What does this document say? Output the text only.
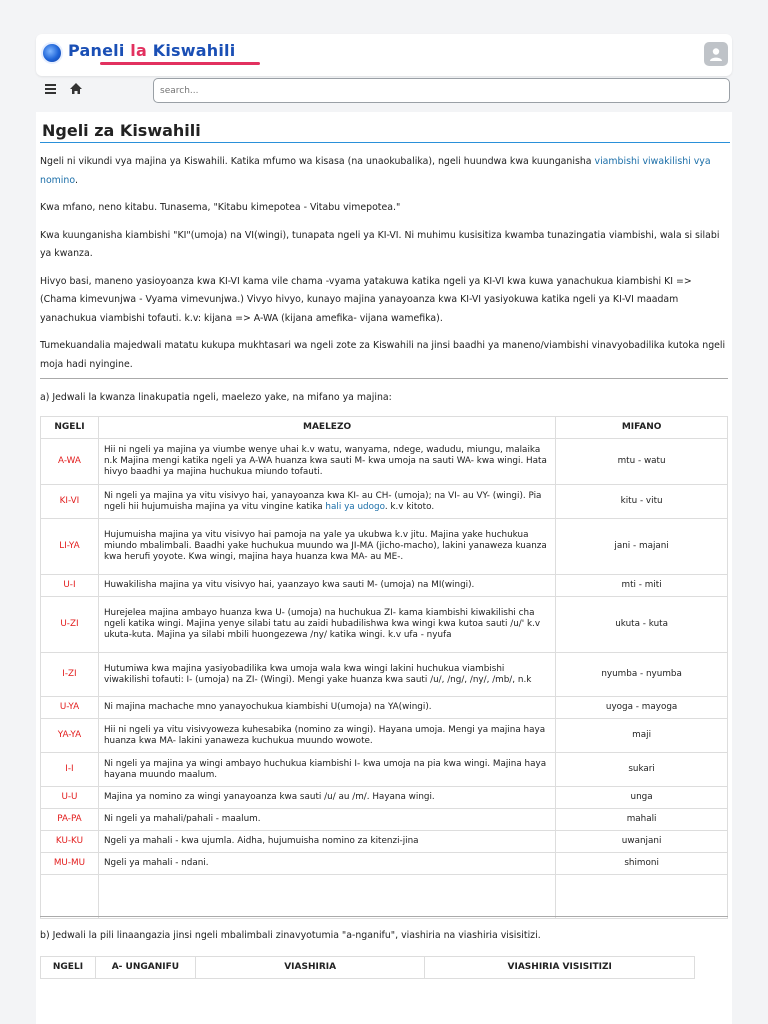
Paneli la Kiswahili
search...
Ngeli za Kiswahili

Ngeli ni vikundi vya majina ya Kiswahili. Katika mfumo wa kisasa (na unaokubalika), ngeli huundwa kwa kuunganisha viambishi viwakilishi vya nomino.

Kwa mfano, neno kitabu. Tunasema, "Kitabu kimepotea - Vitabu vimepotea."

Kwa kuunganisha kiambishi "KI"(umoja) na VI(wingi), tunapata ngeli ya KI-VI. Ni muhimu kusisitiza kwamba tunazingatia viambishi, wala si silabi ya kwanza.

Hivyo basi, maneno yasioyoanza kwa KI-VI kama vile chama -vyama yatakuwa katika ngeli ya KI-VI kwa kuwa yanachukua kiambishi KI => (Chama kimevunjwa - Vyama vimevunjwa.) Vivyo hivyo, kunayo majina yanayoanza kwa KI-VI yasiyokuwa katika ngeli ya KI-VI maadam yanachukua viambishi tofauti. k.v: kijana => A-WA (kijana amefika- vijana wamefika).

Tumekuandalia majedwali matatu kukupa mukhtasari wa ngeli zote za Kiswahili na jinsi baadhi ya maneno/viambishi vinavyobadilika kutoka ngeli moja hadi nyingine.

a) Jedwali la kwanza linakupatia ngeli, maelezo yake, na mifano ya majina:
NGELI	MAELEZO	MIFANO
A-WA	Hii ni ngeli ya majina ya viumbe wenye uhai k.v watu, wanyama, ndege, wadudu, miungu, malaika n.k Majina mengi katika ngeli ya A-WA huanza kwa sauti M- kwa umoja na sauti WA- kwa wingi. Hata hivyo baadhi ya majina huchukua miundo tofauti.	mtu - watu
KI-VI	Ni ngeli ya majina ya vitu visivyo hai, yanayoanza kwa KI- au CH- (umoja); na VI- au VY- (wingi). Pia ngeli hii hujumuisha majina ya vitu vingine katika hali ya udogo. k.v kitoto.	kitu - vitu
LI-YA	Hujumuisha majina ya vitu visivyo hai pamoja na yale ya ukubwa k.v jitu. Majina yake huchukua miundo mbalimbali. Baadhi yake huchukua muundo wa JI-MA (jicho-macho), lakini yanaweza kuanza kwa herufi yoyote. Kwa wingi, majina haya huanza kwa MA- au ME-.	jani - majani
U-I	Huwakilisha majina ya vitu visivyo hai, yaanzayo kwa sauti M- (umoja) na MI(wingi).	mti - miti
U-ZI	Hurejelea majina ambayo huanza kwa U- (umoja) na huchukua ZI- kama kiambishi kiwakilishi cha ngeli katika wingi. Majina yenye silabi tatu au zaidi hubadilishwa kwa wingi kwa kutoa sauti /u/' k.v ukuta-kuta. Majina ya silabi mbili huongezewa /ny/ katika wingi. k.v ufa - nyufa	ukuta - kuta
I-ZI	Hutumiwa kwa majina yasiyobadilika kwa umoja wala kwa wingi lakini huchukua viambishi viwakilishi tofauti: I- (umoja) na ZI- (Wingi). Mengi yake huanza kwa sauti /u/, /ng/, /ny/, /mb/, n.k	nyumba - nyumba
U-YA	Ni majina machache mno yanayochukua kiambishi U(umoja) na YA(wingi).	uyoga - mayoga
YA-YA	Hii ni ngeli ya vitu visivyoweza kuhesabika (nomino za wingi). Hayana umoja. Mengi ya majina haya huanza kwa MA- lakini yanaweza kuchukua muundo wowote.	maji
I-I	Ni ngeli ya majina ya wingi ambayo huchukua kiambishi I- kwa umoja na pia kwa wingi. Majina haya hayana muundo maalum.	sukari
U-U	Majina ya nomino za wingi yanayoanza kwa sauti /u/ au /m/. Hayana wingi.	unga
PA-PA	Ni ngeli ya mahali/pahali - maalum.	mahali
KU-KU	Ngeli ya mahali - kwa ujumla. Aidha, hujumuisha nomino za kitenzi-jina	uwanjani
MU-MU	Ngeli ya mahali - ndani.	shimoni

b) Jedwali la pili linaangazia jinsi ngeli mbalimbali zinavyotumia "a-nganifu", viashiria na viashiria visisitizi.
NGELI	A- UNGANIFU	VIASHIRIA	VIASHIRIA VISISITIZI
